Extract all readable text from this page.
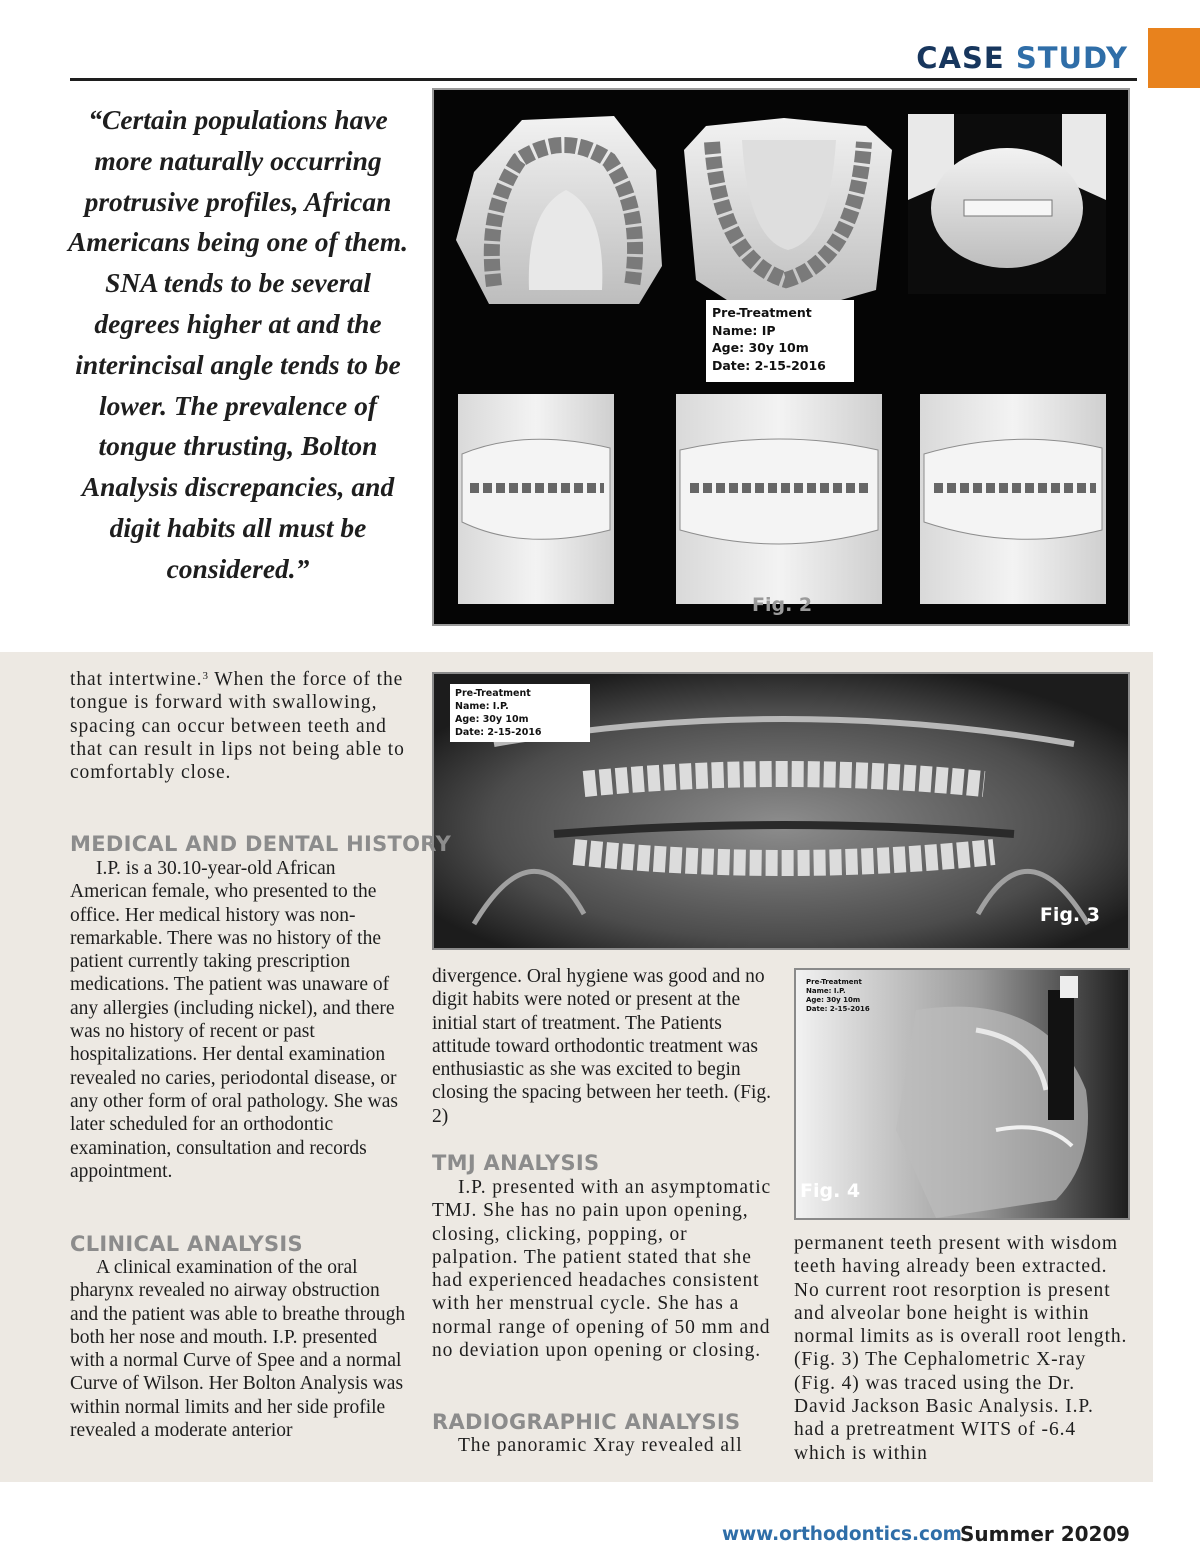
CASE STUDY

“Certain populations have more naturally occurring protrusive profiles, African Americans being one of them. SNA tends to be several degrees higher at and the interincisal angle tends to be lower. The prevalence of tongue thrusting, Bolton Analysis discrepancies, and digit habits all must be considered.”

Pre-Treatment
Name: IP
Age: 30y 10m
Date: 2-15-2016
Fig. 2
Pre-Treatment
Name: I.P.
Age: 30y 10m
Date: 2-15-2016
Fig. 3
Pre-Treatment
Name: I.P.
Age: 30y 10m
Date: 2-15-2016
Fig. 4
that intertwine.$^3$ When the force of the tongue is forward with swallowing, spacing can occur between teeth and that can result in lips not being able to comfortably close.
MEDICAL AND DENTAL HISTORY

I.P. is a 30.10-year-old African American female, who presented to the office. Her medical history was non-remarkable. There was no history of the patient currently taking prescription medications. The patient was unaware of any allergies (including nickel), and there was no history of recent or past hospitalizations. Her dental examination revealed no caries, periodontal disease, or any other form of oral pathology. She was later scheduled for an orthodontic examination, consultation and records appointment.

CLINICAL ANALYSIS

A clinical examination of the oral pharynx revealed no airway obstruction and the patient was able to breathe through both her nose and mouth. I.P. presented with a normal Curve of Spee and a normal Curve of Wilson. Her Bolton Analysis was within normal limits and her side profile revealed a moderate anterior

divergence. Oral hygiene was good and no digit habits were noted or present at the initial start of treatment. The Patients attitude toward orthodontic treatment was enthusiastic as she was excited to begin closing the spacing between her teeth. (Fig. 2)

TMJ ANALYSIS

I.P. presented with an asymptomatic TMJ. She has no pain upon opening, closing, clicking, popping, or palpation. The patient stated that she had experienced headaches consistent with her menstrual cycle. She has a normal range of opening of 50 mm and no deviation upon opening or closing.

RADIOGRAPHIC ANALYSIS

The panoramic Xray revealed all

permanent teeth present with wisdom teeth having already been extracted. No current root resorption is present and alveolar bone height is within normal limits as is overall root length. (Fig. 3) The Cephalometric X-ray (Fig. 4) was traced using the Dr. David Jackson Basic Analysis. I.P. had a pretreatment WITS of -6.4 which is within

www.orthodontics.com
Summer 2020 9
